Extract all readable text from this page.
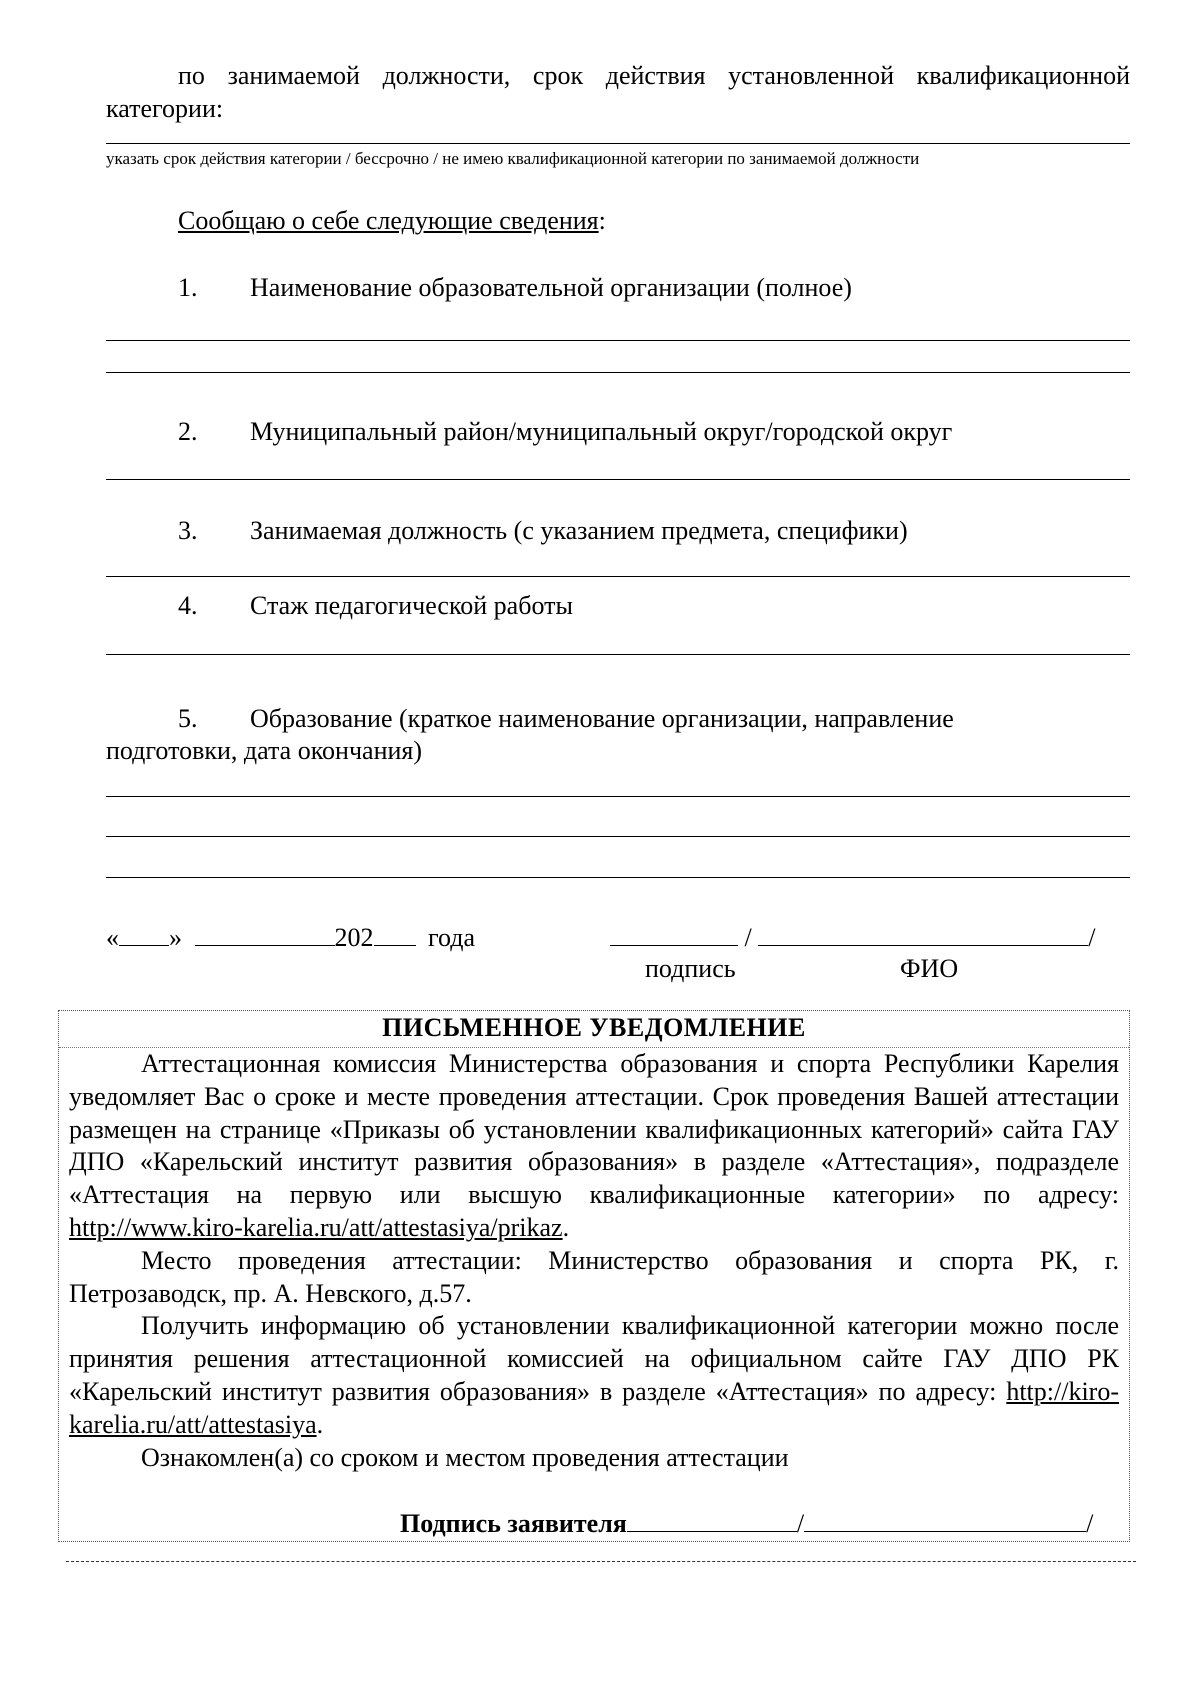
по занимаемой должности, срок действия установленной квалификационной
категории:
указать срок действия категории / бессрочно / не имею квалификационной категории по занимаемой должности
Сообщаю о себе следующие сведения:
1. Наименование образовательной организации (полное)
2. Муниципальный район/муниципальный округ/городской округ
3. Занимаемая должность (с указанием предмета, специфики)
4. Стаж педагогической работы
5. Образование (краткое наименование организации, направление
подготовки, дата окончания)
« »	202 года	/	/
подпись	ФИО
ПИСЬМЕННОЕ УВЕДОМЛЕНИЕ

Аттестационная комиссия Министерства образования и спорта Республики Карелия уведомляет Вас о сроке и месте проведения аттестации. Срок проведения Вашей аттестации размещен на странице «Приказы об установлении квалификационных категорий» сайта ГАУ ДПО «Карельский институт развития образования» в разделе «Аттестация», подразделе «Аттестация на первую или высшую квалификационные категории» по адресу: http://www.kiro-karelia.ru/att/attestasiya/prikaz.

Место проведения аттестации: Министерство образования и спорта РК, г. Петрозаводск, пр. А. Невского, д.57.

Получить информацию об установлении квалификационной категории можно после принятия решения аттестационной комиссией на официальном сайте ГАУ ДПО РК «Карельский институт развития образования» в разделе «Аттестация» по адресу: http://kiro-karelia.ru/att/attestasiya.

Ознакомлен(а) со сроком и местом проведения аттестации

Подпись заявителя	/	/
